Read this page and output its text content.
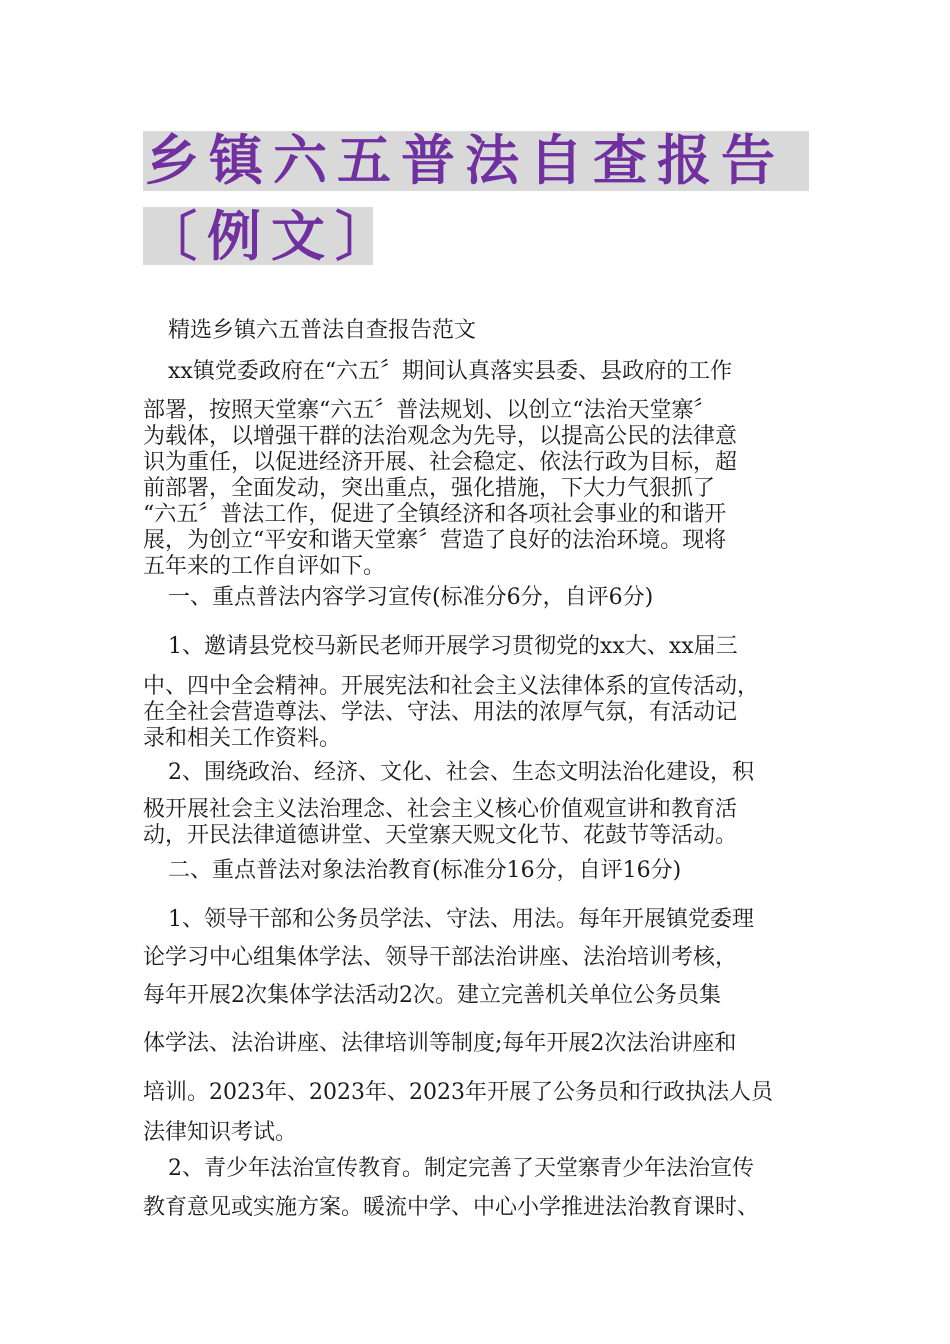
乡镇六五普法自查报告
〔例文〕
精选乡镇六五普法自查报告范文
xx镇党委政府在“六五〞期间认真落实县委、县政府的工作
部署，按照天堂寨“六五〞普法规划、以创立“法治天堂寨〞
为载体，以增强干群的法治观念为先导，以提高公民的法律意
识为重任，以促进经济开展、社会稳定、依法行政为目标，超
前部署，全面发动，突出重点，强化措施，下大力气狠抓了
“六五〞普法工作，促进了全镇经济和各项社会事业的和谐开
展，为创立“平安和谐天堂寨〞营造了良好的法治环境。现将
五年来的工作自评如下。
一、重点普法内容学习宣传(标准分6分，自评6分)
1、邀请县党校马新民老师开展学习贯彻党的xx大、xx届三
中、四中全会精神。开展宪法和社会主义法律体系的宣传活动，
在全社会营造尊法、学法、守法、用法的浓厚气氛，有活动记
录和相关工作资料。
2、围绕政治、经济、文化、社会、生态文明法治化建设，积
极开展社会主义法治理念、社会主义核心价值观宣讲和教育活
动，开民法律道德讲堂、天堂寨天贶文化节、花鼓节等活动。
二、重点普法对象法治教育(标准分16分，自评16分)
1、领导干部和公务员学法、守法、用法。每年开展镇党委理
论学习中心组集体学法、领导干部法治讲座、法治培训考核，
每年开展2次集体学法活动2次。建立完善机关单位公务员集
体学法、法治讲座、法律培训等制度;每年开展2次法治讲座和
培训。2023年、2023年、2023年开展了公务员和行政执法人员
法律知识考试。
2、青少年法治宣传教育。制定完善了天堂寨青少年法治宣传
教育意见或实施方案。暖流中学、中心小学推进法治教育课时、
